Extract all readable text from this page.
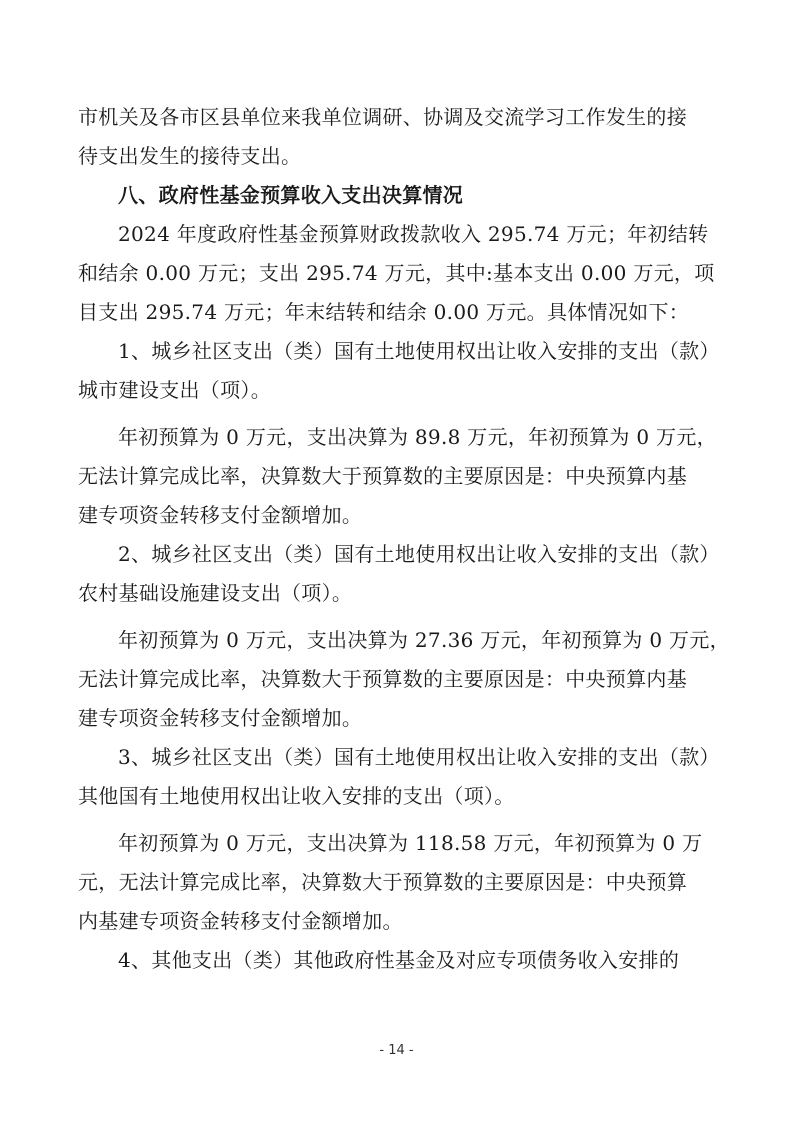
市机关及各市区县单位来我单位调研、协调及交流学习工作发生的接
待支出发生的接待支出。

八、政府性基金预算收入支出决算情况

2024 年度政府性基金预算财政拨款收入 295.74 万元；年初结转
和结余 0.00 万元；支出 295.74 万元，其中:基本支出 0.00 万元，项
目支出 295.74 万元；年末结转和结余 0.00 万元。具体情况如下：

1、城乡社区支出（类）国有土地使用权出让收入安排的支出（款）
城市建设支出（项）。

年初预算为 0 万元，支出决算为 89.8 万元，年初预算为 0 万元，
无法计算完成比率，决算数大于预算数的主要原因是：中央预算内基
建专项资金转移支付金额增加。

2、城乡社区支出（类）国有土地使用权出让收入安排的支出（款）
农村基础设施建设支出（项）。

年初预算为 0 万元，支出决算为 27.36 万元，年初预算为 0 万元，
无法计算完成比率，决算数大于预算数的主要原因是：中央预算内基
建专项资金转移支付金额增加。

3、城乡社区支出（类）国有土地使用权出让收入安排的支出（款）
其他国有土地使用权出让收入安排的支出（项）。

年初预算为 0 万元，支出决算为 118.58 万元，年初预算为 0 万
元，无法计算完成比率，决算数大于预算数的主要原因是：中央预算
内基建专项资金转移支付金额增加。

4、其他支出（类）其他政府性基金及对应专项债务收入安排的

- 14 -
